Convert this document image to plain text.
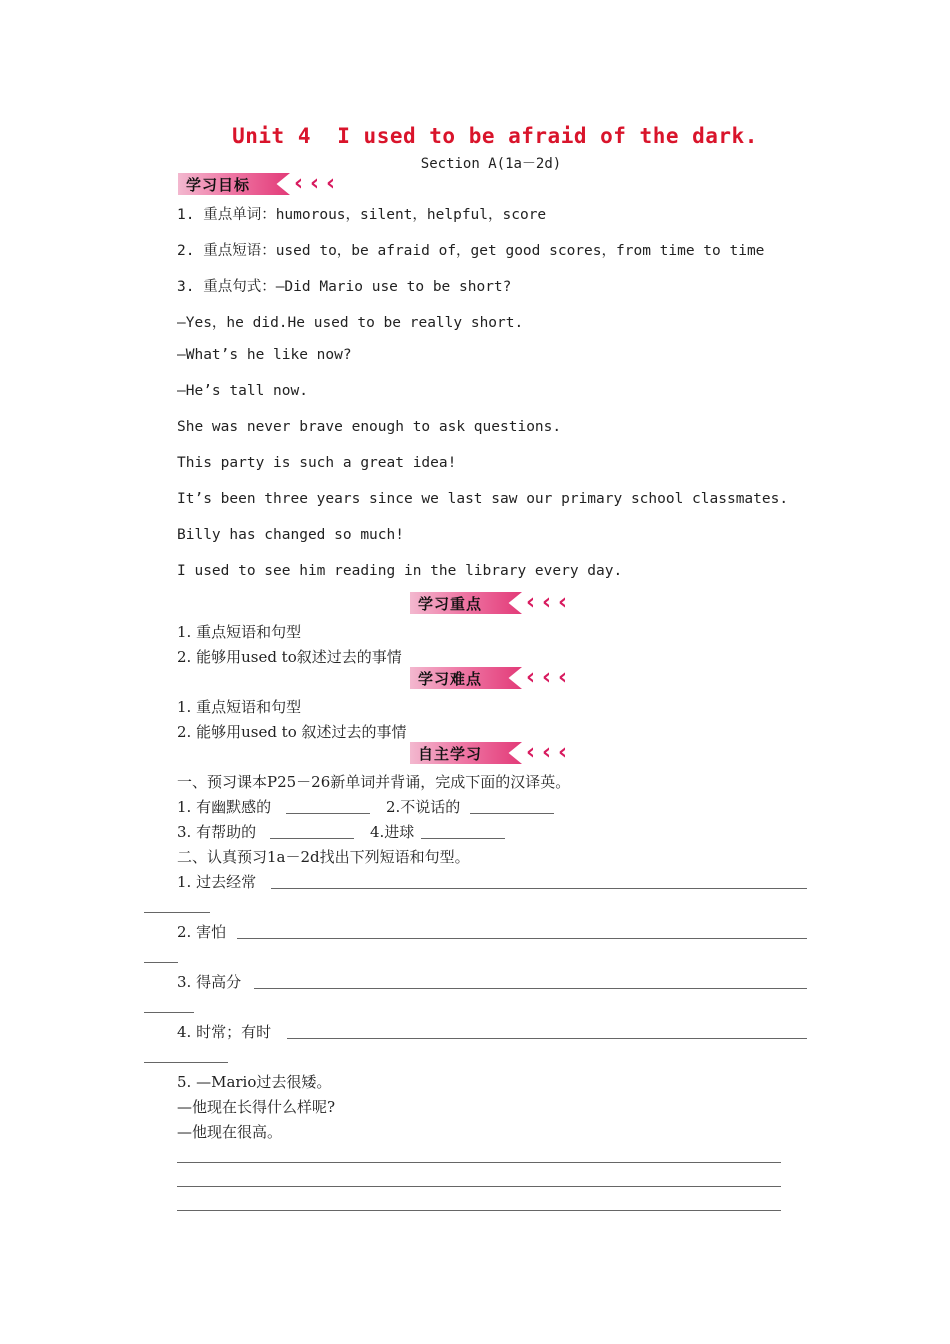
Unit 4  I used to be afraid of the dark.
Section A(1a－2d)
学习目标 ‹ ‹ ‹
1. 重点单词：humorous，silent，helpful，score
2. 重点短语：used to，be afraid of，get good scores，from time to time
3. 重点句式：—Did Mario use to be short?
—Yes，he did.He used to be really short.
—What’s he like now?
—He’s tall now.
She was never brave enough to ask questions.
This party is such a great idea!
It’s been three years since we last saw our primary school classmates.
Billy has changed so much!
I used to see him reading in the library every day.
学习重点 ‹ ‹ ‹
1. 重点短语和句型
2. 能够用used to叙述过去的事情
学习难点 ‹ ‹ ‹
1. 重点短语和句型
2. 能够用used to 叙述过去的事情
自主学习 ‹ ‹ ‹
一、预习课本P25－26新单词并背诵，完成下面的汉译英。
1. 有幽默感的	2.不说话的
3. 有帮助的	4.进球
二、认真预习1a－2d找出下列短语和句型。
1. 过去经常
2. 害怕
3. 得高分
4. 时常；有时
5. —Mario过去很矮。
—他现在长得什么样呢?
—他现在很高。
